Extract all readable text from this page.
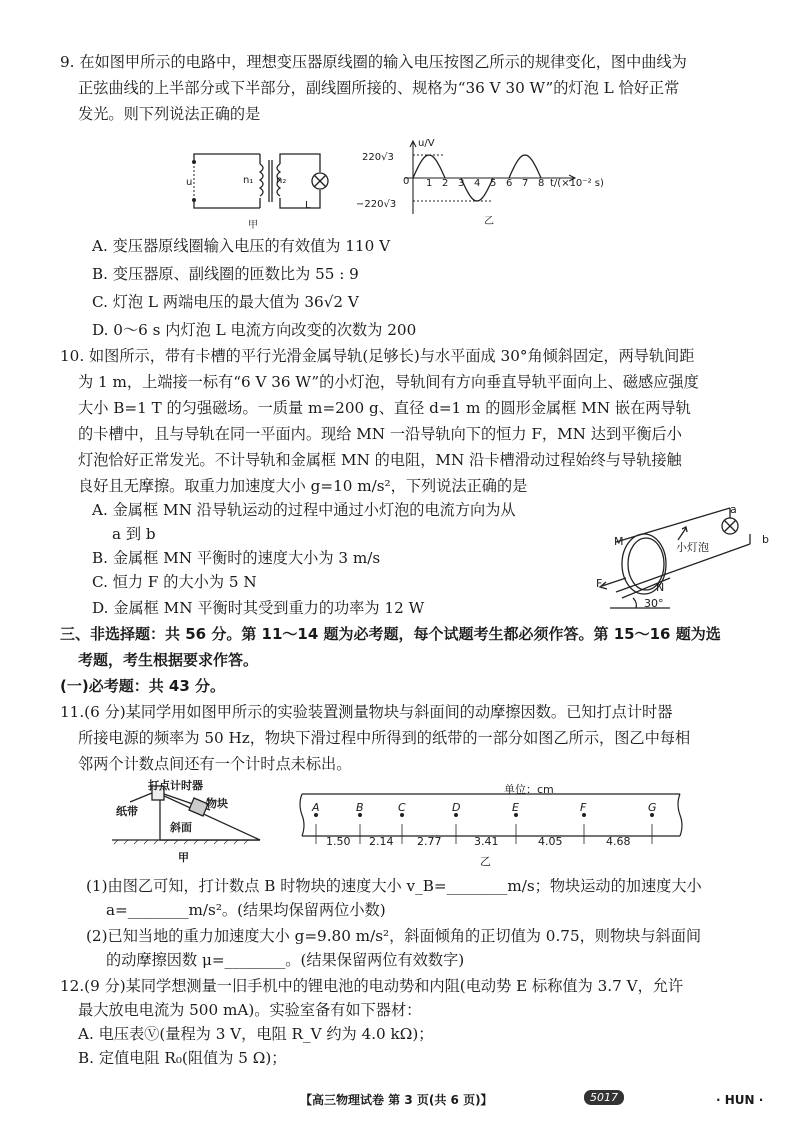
9. 在如图甲所示的电路中，理想变压器原线圈的输入电压按图乙所示的规律变化，图中曲线为
正弦曲线的上半部分或下半部分，副线圈所接的、规格为“36 V 30 W”的灯泡 L 恰好正常
发光。则下列说法正确的是
u	n₁ n₂
L
甲
u/V
220√3
−220√3
0 1 2 3 4 5 6 7 8 t/(×10⁻² s)
乙
A. 变压器原线圈输入电压的有效值为 110 V
B. 变压器原、副线圈的匝数比为 55 : 9
C. 灯泡 L 两端电压的最大值为 36√2 V
D. 0～6 s 内灯泡 L 电流方向改变的次数为 200
10. 如图所示，带有卡槽的平行光滑金属导轨(足够长)与水平面成 30°角倾斜固定，两导轨间距
为 1 m，上端接一标有“6 V 36 W”的小灯泡，导轨间有方向垂直导轨平面向上、磁感应强度
大小 B=1 T 的匀强磁场。一质量 m=200 g、直径 d=1 m 的圆形金属框 MN 嵌在两导轨
的卡槽中，且与导轨在同一平面内。现给 MN 一沿导轨向下的恒力 F，MN 达到平衡后小
灯泡恰好正常发光。不计导轨和金属框 MN 的电阻，MN 沿卡槽滑动过程始终与导轨接触
良好且无摩擦。取重力加速度大小 g=10 m/s²，下列说法正确的是
A. 金属框 MN 沿导轨运动的过程中通过小灯泡的电流方向为从
a 到 b
B. 金属框 MN 平衡时的速度大小为 3 m/s
C. 恒力 F 的大小为 5 N
D. 金属框 MN 平衡时其受到重力的功率为 12 W
M
N
F
a
b
小灯泡
30°
三、非选择题：共 56 分。第 11～14 题为必考题，每个试题考生都必须作答。第 15～16 题为选
考题，考生根据要求作答。
(一)必考题：共 43 分。
11.(6 分)某同学用如图甲所示的实验装置测量物块与斜面间的动摩擦因数。已知打点计时器
所接电源的频率为 50 Hz，物块下滑过程中所得到的纸带的一部分如图乙所示，图乙中每相
邻两个计数点间还有一个计时点未标出。
打点计时器
纸带
物块
斜面
甲
单位：cm
A	B	C	D	E	F	G
1.50 2.14 2.77	3.41	4.05	4.68
乙
(1)由图乙可知，打计数点 B 时物块的速度大小 v_B=________m/s；物块运动的加速度大小
a=________m/s²。(结果均保留两位小数)
(2)已知当地的重力加速度大小 g=9.80 m/s²，斜面倾角的正切值为 0.75，则物块与斜面间
的动摩擦因数 μ=________。(结果保留两位有效数字)
12.(9 分)某同学想测量一旧手机中的锂电池的电动势和内阻(电动势 E 标称值为 3.7 V，允许
最大放电电流为 500 mA)。实验室备有如下器材：
A. 电压表Ⓥ(量程为 3 V，电阻 R_V 约为 4.0 kΩ)；
B. 定值电阻 R₀(阻值为 5 Ω)；
【高三物理试卷 第 3 页(共 6 页)】	5017	· HUN ·
